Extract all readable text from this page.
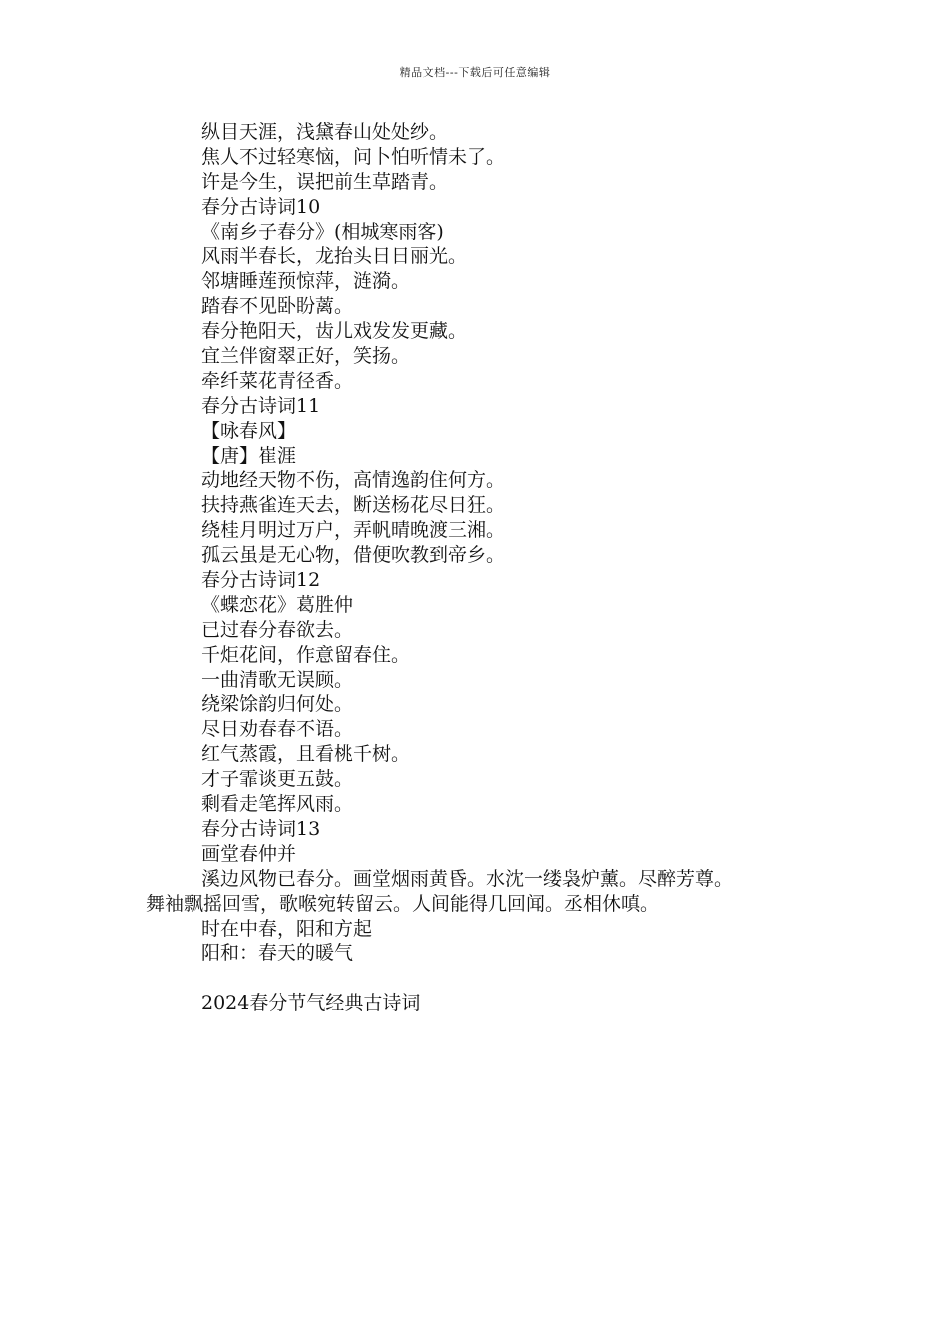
精品文档---下载后可任意编辑
纵目天涯，浅黛春山处处纱。
焦人不过轻寒恼，问卜怕听情未了。
许是今生，误把前生草踏青。
春分古诗词10
《南乡子春分》(相城寒雨客)
风雨半春长，龙抬头日日丽光。
邻塘睡莲预惊萍，涟漪。
踏春不见卧盼蓠。
春分艳阳天，齿儿戏发发更藏。
宜兰伴窗翠正好，笑扬。
牵纤菜花青径香。
春分古诗词11
【咏春风】
【唐】崔涯
动地经天物不伤，高情逸韵住何方。
扶持燕雀连天去，断送杨花尽日狂。
绕桂月明过万户，弄帆晴晚渡三湘。
孤云虽是无心物，借便吹教到帝乡。
春分古诗词12
《蝶恋花》葛胜仲
已过春分春欲去。
千炬花间，作意留春住。
一曲清歌无误顾。
绕梁馀韵归何处。
尽日劝春春不语。
红气蒸霞，且看桃千树。
才子霏谈更五鼓。
剩看走笔挥风雨。
春分古诗词13
画堂春仲并
溪边风物已春分。画堂烟雨黄昏。水沈一缕袅炉薰。尽醉芳尊。
舞袖飘摇回雪，歌喉宛转留云。人间能得几回闻。丞相休嗔。
时在中春，阳和方起
阳和：春天的暖气
2024春分节气经典古诗词
